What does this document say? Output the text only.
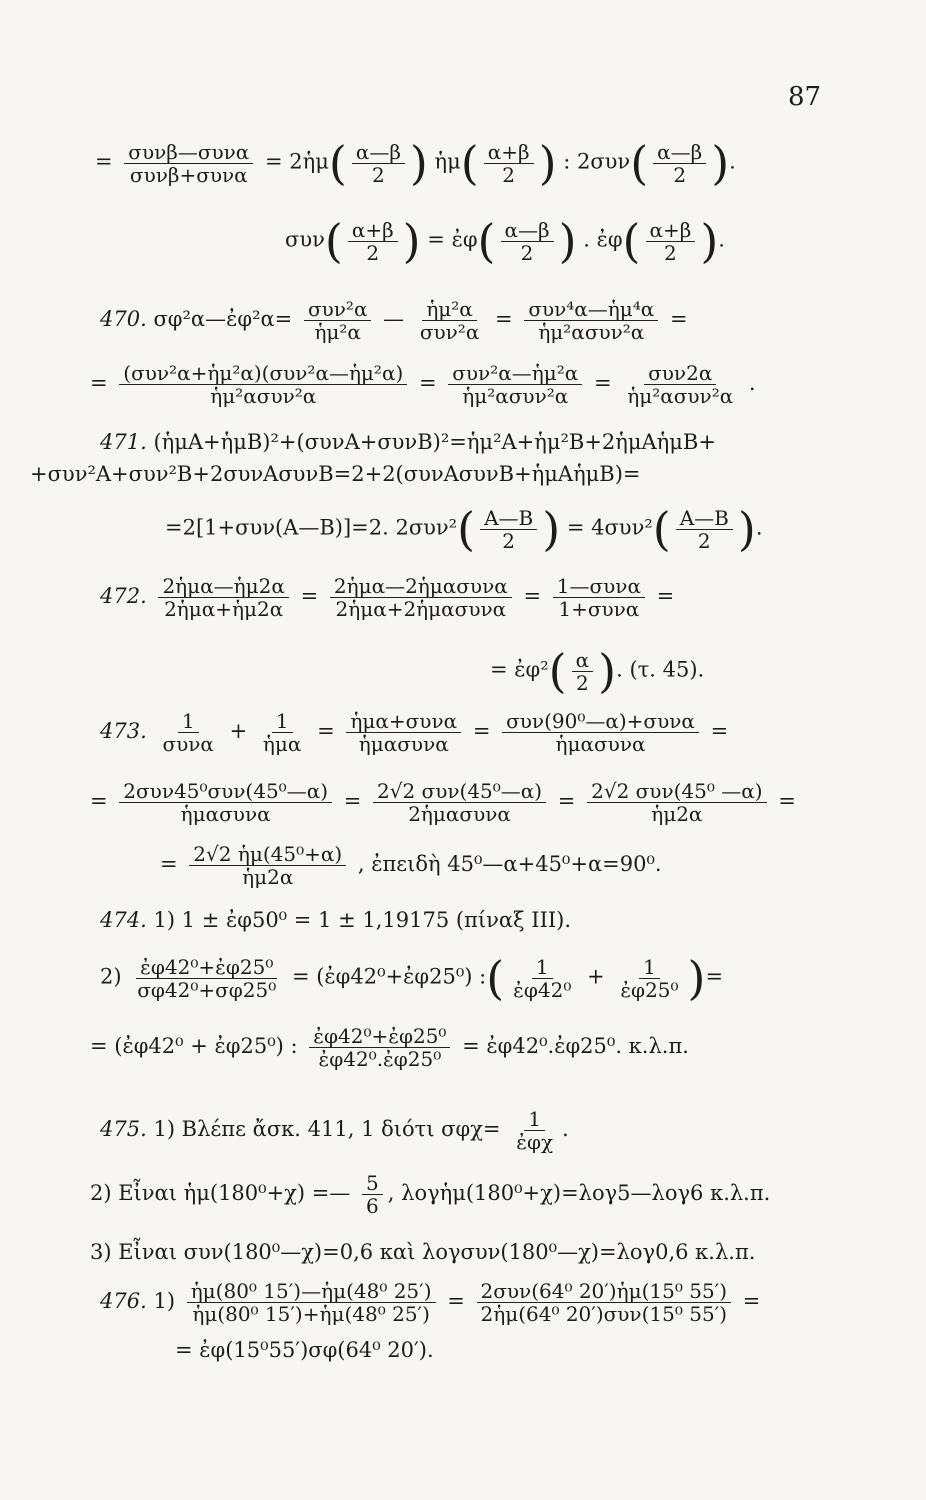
87
= συνβ—συνα
συνβ+συνα
= 2ἡμ( $\frac{\alpha—\beta}{2}$ ) ἡμ( $\frac{\alpha+\beta}{2}$ ) : $2\sigma\upsilon\nu( \frac{\alpha—\beta}{2}$ ).
$\sigma\upsilon\nu( \frac{\alpha+\beta}{2}$ ) = ἐφ( $\frac{\alpha—\beta}{2}$ ) . ἐφ( $\frac{\alpha+\beta}{2}$ ).
470. σφ²α—ἐφ²α= συν²α
ἡμ²α
— ἡμ²α
συν²α
= συν⁴α—ἡμ⁴α
ἡμ²ασυν²α
=
= (συν²α+ἡμ²α)(συν²α—ἡμ²α)
ἡμ²ασυν²α
= συν²α—ἡμ²α
ἡμ²ασυν²α
= συν2α
ἡμ²ασυν²α
.
471. (ἡμA+ἡμB)²+(συνA+συνB)²=ἡμ²A+ἡμ²B+2ἡμAἡμB+
+συν²A+συν²B+2συνAσυνB=2+2(συνAσυνB+ἡμAἡμB)=
=2[1+συν(A—B)]=2. $2\sigma\upsilon\nu^2( \frac{A—B}{2}$ ) = $4\sigma\upsilon\nu^2( \frac{A—B}{2}$ ).
472. 2ἡμα—ἡμ2α
2ἡμα+ἡμ2α
= 2ἡμα—2ἡμασυνα
2ἡμα+2ἡμασυνα
= 1—συνα
1+συνα
=
= ἐφ²( $\frac{\alpha}{2}$ ). (τ. 45).
473. 1
συνα
+ 1
ἡμα
= ἡμα+συνα
ἡμασυνα
= συν(90⁰—α)+συνα
ἡμασυνα
=
= 2συν45⁰συν(45⁰—α)
ἡμασυνα
= 2√2 συν(45⁰—α)
2ἡμασυνα
= 2√2 συν(45⁰ —α)
ἡμ2α
=
= $\frac{\text{2√2 ἡμ(45⁰+α)}}{\text{ἡμ2α}}$ , ἐπειδὴ 45⁰—α+45⁰+α=90⁰.
474. 1) 1 ± ἐφ50⁰ = 1 ± 1,19175 (πίναξ III).
$2) \frac{\text{ἐφ42⁰+ἐφ25⁰}}{\text{σφ42⁰+σφ25⁰}}$ = (ἐφ42⁰+ἐφ25⁰) :( $\frac{1}{\text{ἐφ42⁰}} + \frac{1}{\text{ἐφ25⁰}}$ )=
= (ἐφ42⁰ + ἐφ25⁰) : $\frac{\text{ἐφ42⁰+ἐφ25⁰}}{\text{ἐφ42⁰.ἐφ25⁰}}$ = ἐφ42⁰.ἐφ25⁰. κ.λ.π.
475. 1) Βλέπε ἄσκ. 411, 1 διότι σφχ= 1
ἐφχ
.
2) Εἶναι ἡμ(180⁰+χ) =— $\frac{5}{6}$ , λογἡμ(180⁰+χ)=λογ5—λογ6 κ.λ.π.
3) Εἶναι συν(180⁰—χ)=0,6 καὶ λογσυν(180⁰—χ)=λογ0,6 κ.λ.π.
476. $1) \frac{\text{ἡμ(80⁰ 15′)—ἡμ(48⁰ 25′)}}{\text{ἡμ(80⁰ 15′)+ἡμ(48⁰ 25′)}} = 2\sigma\upsilon\nu(64^0$ 20′)ἡμ(15⁰ 55′)
2ἡμ(64⁰ 20′)συν(15⁰ 55′)
=
= ἐφ(15⁰55′)σφ(64⁰ 20′).
